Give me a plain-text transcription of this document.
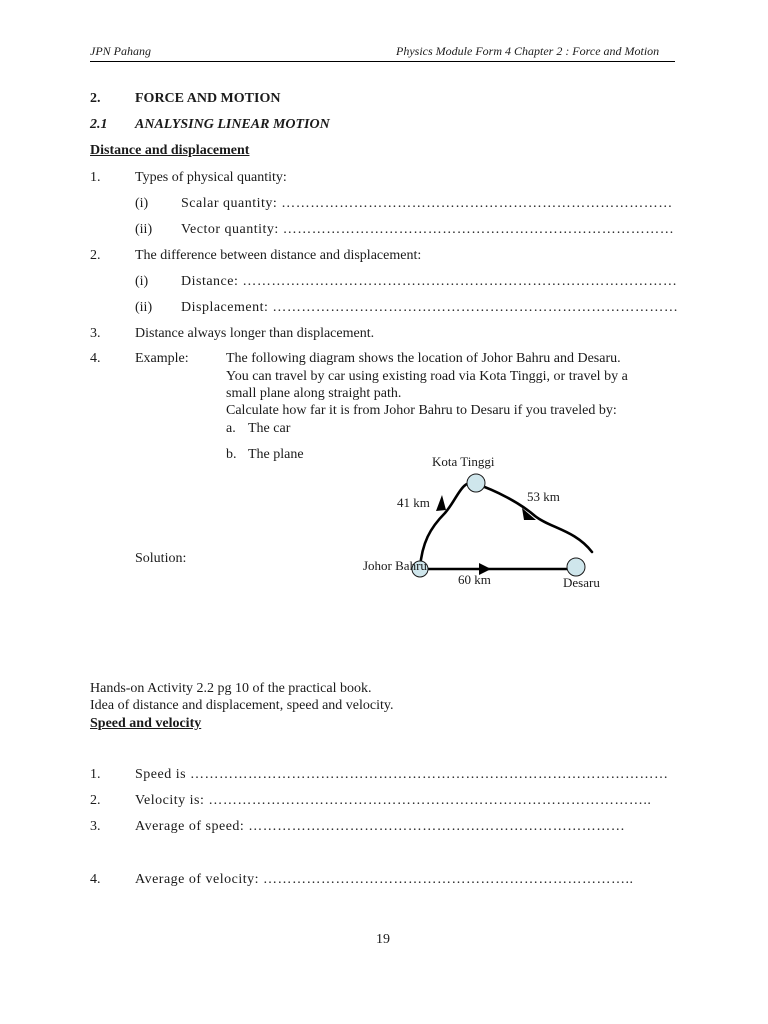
JPN Pahang	Physics Module Form 4 Chapter 2 : Force and Motion
2. FORCE AND MOTION
2.1 ANALYSING LINEAR MOTION
Distance and displacement
1. Types of physical quantity:
(i) Scalar quantity: ………………………………………………………………………
(ii) Vector quantity: ………………………………………………………………………
2. The difference between distance and displacement:
(i) Distance: ………………………………………………………………………………
(ii) Displacement: …………………………………………………………………………
3. Distance always longer than displacement.
4. Example:	The following diagram shows the location of Johor Bahru and Desaru.
You can travel by car using existing road via Kota Tinggi, or travel by a
small plane along straight path.
Calculate how far it is from Johor Bahru to Desaru if you traveled by:
a. The car
b. The plane
Solution:
Kota Tinggi
Johor Bahru
Desaru
41 km	53 km
60 km
Hands-on Activity 2.2 pg 10 of the practical book.
Idea of distance and displacement, speed and velocity.
Speed and velocity
1. Speed is ………………………………………………………………………………………
2. Velocity is: ………………………………………………………………………………..
3. Average of speed: ……………………………………………………………………
4. Average of velocity: …………………………………………………………………..
19
